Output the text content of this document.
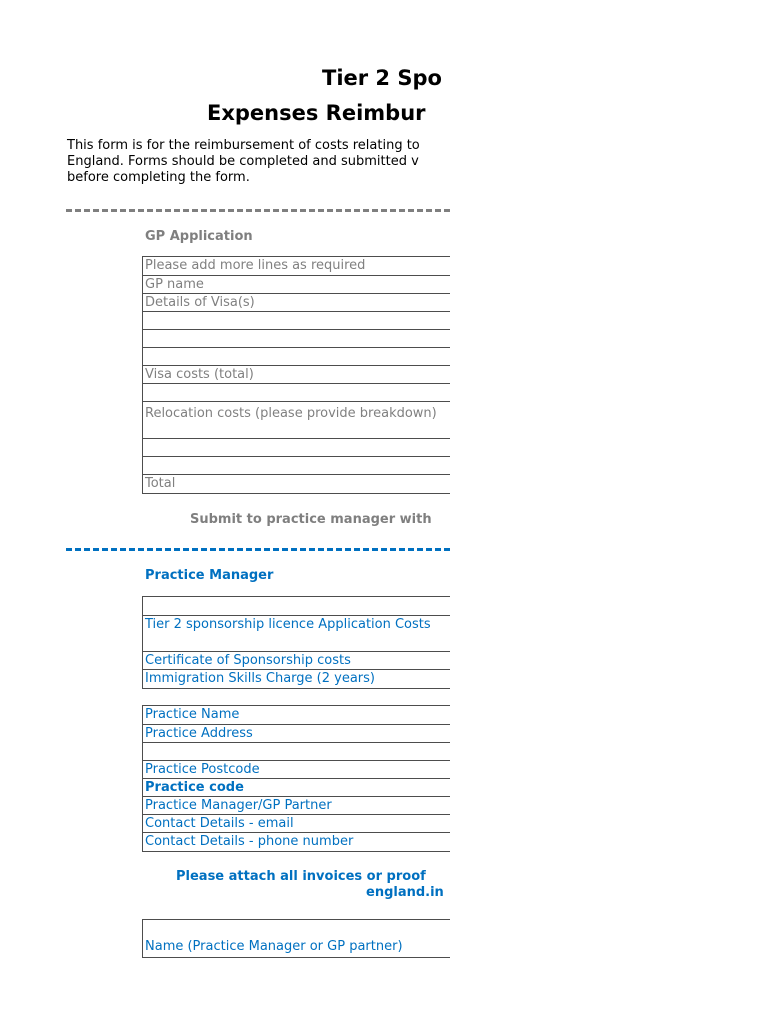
Tier 2 Spo
Expenses Reimbur
This form is for the reimbursement of costs relating to
England. Forms should be completed and submitted v
before completing the form.
GP Application
Please add more lines as required
GP name
Details of Visa(s)
Visa costs (total)
Relocation costs (please provide breakdown)
Total
Submit to practice manager with
Practice Manager
Tier 2 sponsorship licence Application Costs
Certificate of Sponsorship costs
Immigration Skills Charge (2 years)
Practice Name
Practice Address
Practice Postcode
Practice code
Practice Manager/GP Partner
Contact Details - email
Contact Details - phone number
Please attach all invoices or proof
england.in
Name (Practice Manager or GP partner)
